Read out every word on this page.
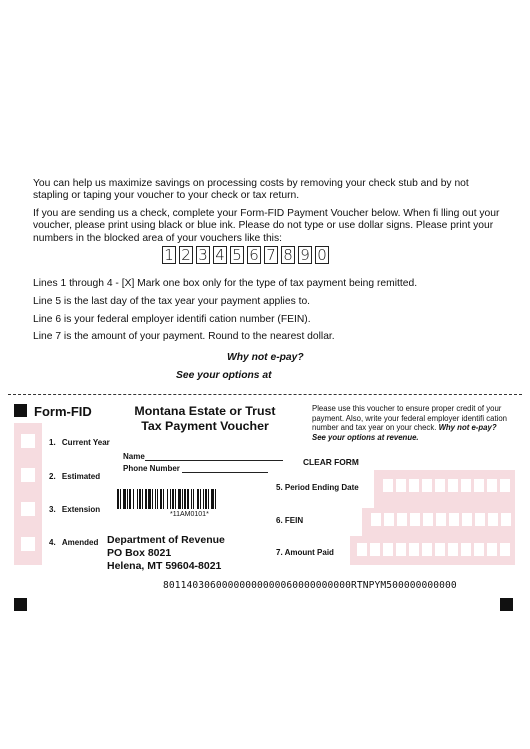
You can help us maximize savings on processing costs by removing your check stub and by not stapling or taping your voucher to your check or tax return.

If you are sending us a check, complete your Form-FID Payment Voucher below. When fi lling out your voucher, please print using black or blue ink. Please do not type or use dollar signs. Please print your numbers in the blocked area of your vouchers like this:

1 2 3 4 5 6 7 8 9 0

Lines 1 through 4 - [X] Mark one box only for the type of tax payment being remitted.

Line 5 is the last day of the tax year your payment applies to.

Line 6 is your federal employer identifi cation number (FEIN).

Line 7 is the amount of your payment. Round to the nearest dollar.

Why not e-pay?
See your options at
1. Current Year
2. Estimated
3. Extension
4. Amended
Form-FID	Montana Estate or Trust
Tax Payment Voucher
Please use this voucher to ensure proper credit of your payment. Also, write your federal employer identifi cation number and tax year on your check. Why not e-pay? See your options at revenue.
Name
Phone Number
CLEAR FORM
*11AM0101*
Department of Revenue
PO Box 8021
Helena, MT 59604-8021
5. Period Ending Date
6. FEIN
7. Amount Paid
80114030600000000000060000000000RTNPYM500000000000
